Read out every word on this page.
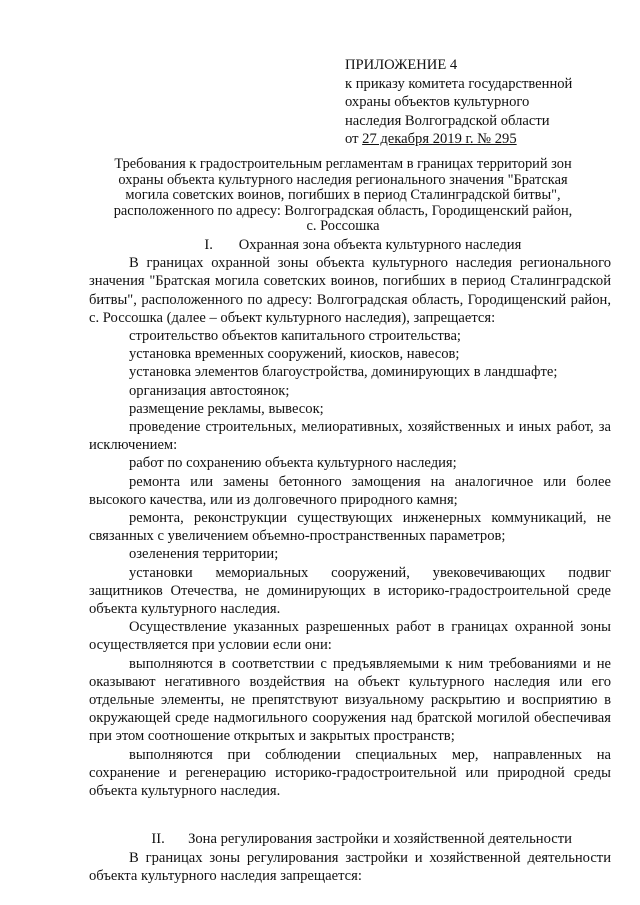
ПРИЛОЖЕНИЕ 4
к приказу комитета государственной
охраны объектов культурного
наследия Волгоградской области
от 27 декабря 2019 г. № 295
Требования к градостроительным регламентам в границах территорий зон
охраны объекта культурного наследия регионального значения "Братская
могила советских воинов, погибших в период Сталинградской битвы",
расположенного по адресу: Волгоградская область, Городищенский район,
с. Россошка
I. Охранная зона объекта культурного наследия

В границах охранной зоны объекта культурного наследия регионального значения "Братская могила советских воинов, погибших в период Сталинградской битвы", расположенного по адресу: Волгоградская область, Городищенский район, с. Россошка (далее – объект культурного наследия), запрещается:

строительство объектов капитального строительства;

установка временных сооружений, киосков, навесов;

установка элементов благоустройства, доминирующих в ландшафте;

организация автостоянок;

размещение рекламы, вывесок;

проведение строительных, мелиоративных, хозяйственных и иных работ, за исключением:

работ по сохранению объекта культурного наследия;

ремонта или замены бетонного замощения на аналогичное или более высокого качества, или из долговечного природного камня;

ремонта, реконструкции существующих инженерных коммуникаций, не связанных с увеличением объемно-пространственных параметров;

озеленения территории;

установки мемориальных сооружений, увековечивающих подвиг защитников Отечества, не доминирующих в историко-градостроительной среде объекта культурного наследия.

Осуществление указанных разрешенных работ в границах охранной зоны осуществляется при условии если они:

выполняются в соответствии с предъявляемыми к ним требованиями и не оказывают негативного воздействия на объект культурного наследия или его отдельные элементы, не препятствуют визуальному раскрытию и восприятию в окружающей среде надмогильного сооружения над братской могилой обеспечивая при этом соотношение открытых и закрытых пространств;

выполняются при соблюдении специальных мер, направленных на сохранение и регенерацию историко-градостроительной или природной среды объекта культурного наследия.

II. Зона регулирования застройки и хозяйственной деятельности

В границах зоны регулирования застройки и хозяйственной деятельности объекта культурного наследия запрещается:
